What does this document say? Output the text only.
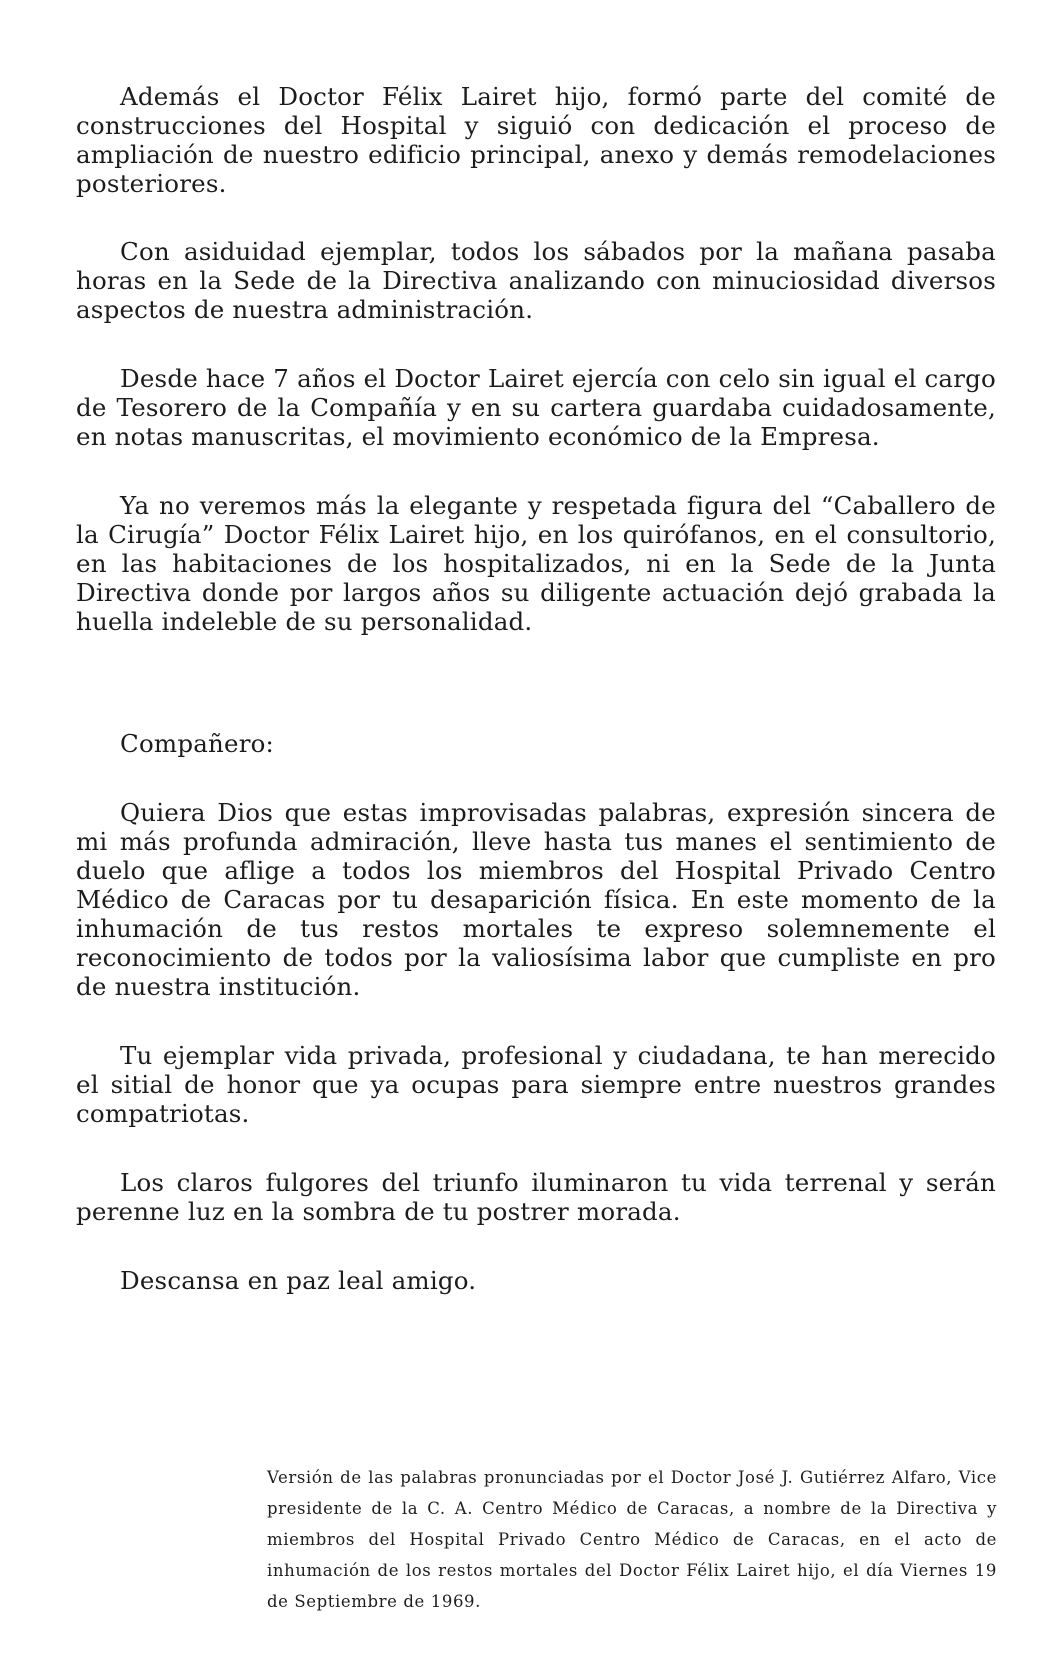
Además el Doctor Félix Lairet hijo, formó parte del comité de construcciones del Hospital y siguió con dedicación el proceso de ampliación de nuestro edificio principal, anexo y demás remodelaciones posteriores.

Con asiduidad ejemplar, todos los sábados por la mañana pasaba horas en la Sede de la Directiva analizando con minuciosidad diversos aspectos de nuestra administración.

Desde hace 7 años el Doctor Lairet ejercía con celo sin igual el cargo de Tesorero de la Compañía y en su cartera guardaba cuidadosamente, en notas manuscritas, el movimiento económico de la Empresa.

Ya no veremos más la elegante y respetada figura del “Caballero de la Cirugía” Doctor Félix Lairet hijo, en los quirófanos, en el consultorio, en las habitaciones de los hospitalizados, ni en la Sede de la Junta Directiva donde por largos años su diligente actuación dejó grabada la huella indeleble de su personalidad.

Compañero:

Quiera Dios que estas improvisadas palabras, expresión sincera de mi más profunda admiración, lleve hasta tus manes el sentimiento de duelo que aflige a todos los miembros del Hospital Privado Centro Médico de Caracas por tu desaparición física. En este momento de la inhumación de tus restos mortales te expreso solemnemente el reconocimiento de todos por la valiosísima labor que cumpliste en pro de nuestra institución.

Tu ejemplar vida privada, profesional y ciudadana, te han merecido el sitial de honor que ya ocupas para siempre entre nuestros grandes compatriotas.

Los claros fulgores del triunfo iluminaron tu vida terrenal y serán perenne luz en la sombra de tu postrer morada.

Descansa en paz leal amigo.

Versión de las palabras pronunciadas por el Doctor José J. Gutiérrez Alfaro, Vice presidente de la C. A. Centro Médico de Caracas, a nombre de la Directiva y miembros del Hospital Privado Centro Médico de Caracas, en el acto de inhumación de los restos mortales del Doctor Félix Lairet hijo, el día Viernes 19 de Septiembre de 1969.
